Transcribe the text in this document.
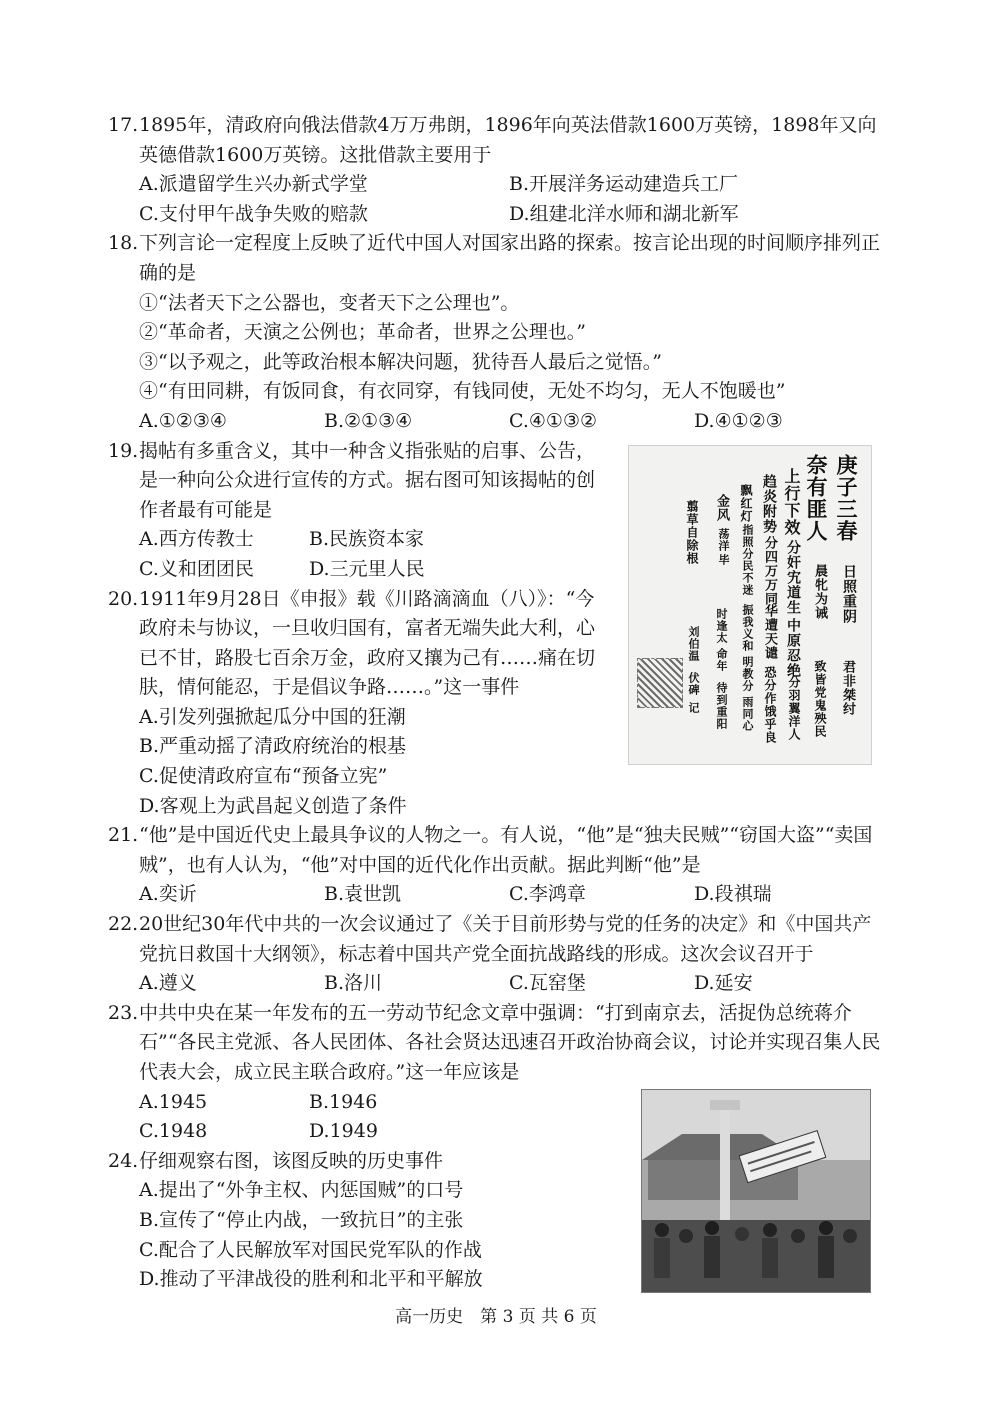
17.1895年，清政府向俄法借款4万万弗朗，1896年向英法借款1600万英镑，1898年又向英德借款1600万英镑。这批借款主要用于

A.派遣留学生兴办新式学堂	B.开展洋务运动建造兵工厂
C.支付甲午战争失败的赔款	D.组建北洋水师和湖北新军

18.下列言论一定程度上反映了近代中国人对国家出路的探索。按言论出现的时间顺序排列正确的是

①“法者天下之公器也，变者天下之公理也”。

②“革命者，天演之公例也；革命者，世界之公理也。”

③“以予观之，此等政治根本解决问题，犹待吾人最后之觉悟。”

④“有田同耕，有饭同食，有衣同穿，有钱同使，无处不均匀，无人不饱暖也”

A.①②③④	B.②①③④	C.④①③②	D.④①②③

19.揭帖有多重含义，其中一种含义指张贴的启事、公告，是一种向公众进行宣传的方式。据右图可知该揭帖的创作者最有可能是

A.西方传教士	B.民族资本家
C.义和团团民	D.三元里人民

20.1911年9月28日《申报》载《川路滴滴血（八）》：“今政府未与协议，一旦收归国有，富者无端失此大利，心已不甘，路股七百余万金，政府又攘为己有……痛在切肤，情何能忍，于是倡议争路……。”这一事件

A.引发列强掀起瓜分中国的狂潮

B.严重动摇了清政府统治的根基

C.促使清政府宣布“预备立宪”

D.客观上为武昌起义创造了条件

21.“他”是中国近代史上最具争议的人物之一。有人说，“他”是“独夫民贼”“窃国大盗”“卖国贼”，也有人认为，“他”对中国的近代化作出贡献。据此判断“他”是

A.奕䜣	B.袁世凯	C.李鸿章	D.段祺瑞

22.20世纪30年代中共的一次会议通过了《关于目前形势与党的任务的决定》和《中国共产党抗日救国十大纲领》，标志着中国共产党全面抗战路线的形成。这次会议召开于

A.遵义	B.洛川	C.瓦窑堡	D.延安

23.中共中央在某一年发布的五一劳动节纪念文章中强调：“打到南京去，活捉伪总统蒋介石”“各民主党派、各人民团体、各社会贤达迅速召开政治协商会议，讨论并实现召集人民代表大会，成立民主联合政府。”这一年应该是

A.1945	B.1946
C.1948	D.1949

24.仔细观察右图，该图反映的历史事件

A.提出了“外争主权、内惩国贼”的口号

B.宣传了“停止内战，一致抗日”的主张

C.配合了人民解放军对国民党军队的作战

D.推动了平津战役的胜利和北平和平解放

庚子三春
日照重阴
君非桀纣
奈有匪人
晨牝为诫
致皆党鬼殃民
上行下效
分奸宄道生
中原忍绝
分羽翼洋人
趋炎附势
分四万万同
华遭天谴
恐分作饿乎良
飘红灯
指照分民不迷
振我义和
明教分
雨同心
金风
荡洋
毕
时逢太
命年
待到重阳
翦草自除根
刘伯温
伏碑
记
高一历史　第 3 页 共 6 页
